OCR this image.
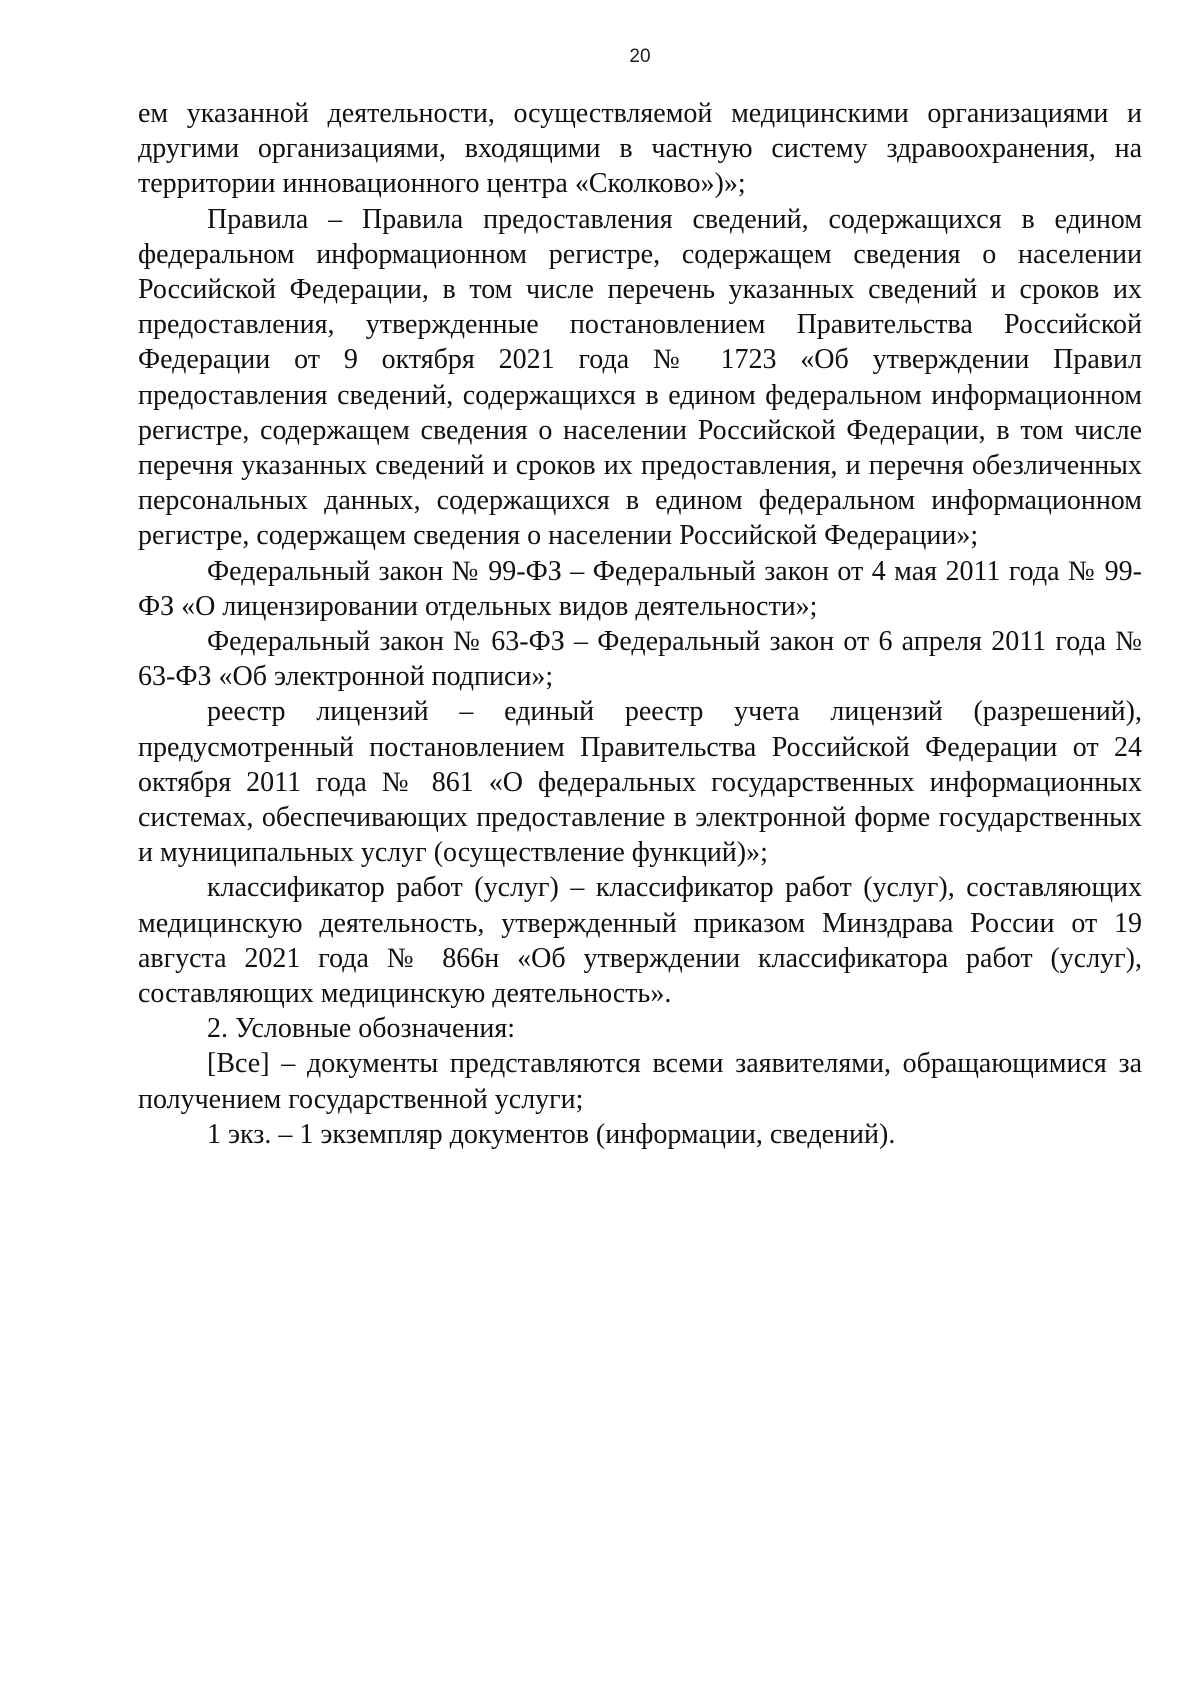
20

ем указанной деятельности, осуществляемой медицинскими организациями и другими организациями, входящими в частную систему здравоохранения, на территории инновационного центра «Сколково»)»;

Правила – Правила предоставления сведений, содержащихся в едином федеральном информационном регистре, содержащем сведения о населении Российской Федерации, в том числе перечень указанных сведений и сроков их предоставления, утвержденные постановлением Правительства Российской Федерации от 9 октября 2021 года № 1723 «Об утверждении Правил предоставления сведений, содержащихся в едином федеральном информационном регистре, содержащем сведения о населении Российской Федерации, в том числе перечня указанных сведений и сроков их предоставления, и перечня обезличенных персональных данных, содержащихся в едином федеральном информационном регистре, содержащем сведения о населении Российской Федерации»;

Федеральный закон № 99-ФЗ – Федеральный закон от 4 мая 2011 года № 99-ФЗ «О лицензировании отдельных видов деятельности»;

Федеральный закон № 63-ФЗ – Федеральный закон от 6 апреля 2011 года № 63-ФЗ «Об электронной подписи»;

реестр лицензий – единый реестр учета лицензий (разрешений), предусмотренный постановлением Правительства Российской Федерации от 24 октября 2011 года № 861 «О федеральных государственных информационных системах, обеспечивающих предоставление в электронной форме государственных и муниципальных услуг (осуществление функций)»;

классификатор работ (услуг) – классификатор работ (услуг), составляющих медицинскую деятельность, утвержденный приказом Минздрава России от 19 августа 2021 года № 866н «Об утверждении классификатора работ (услуг), составляющих медицинскую деятельность».

2. Условные обозначения:

[Все] – документы представляются всеми заявителями, обращающимися за получением государственной услуги;

1 экз. – 1 экземпляр документов (информации, сведений).
